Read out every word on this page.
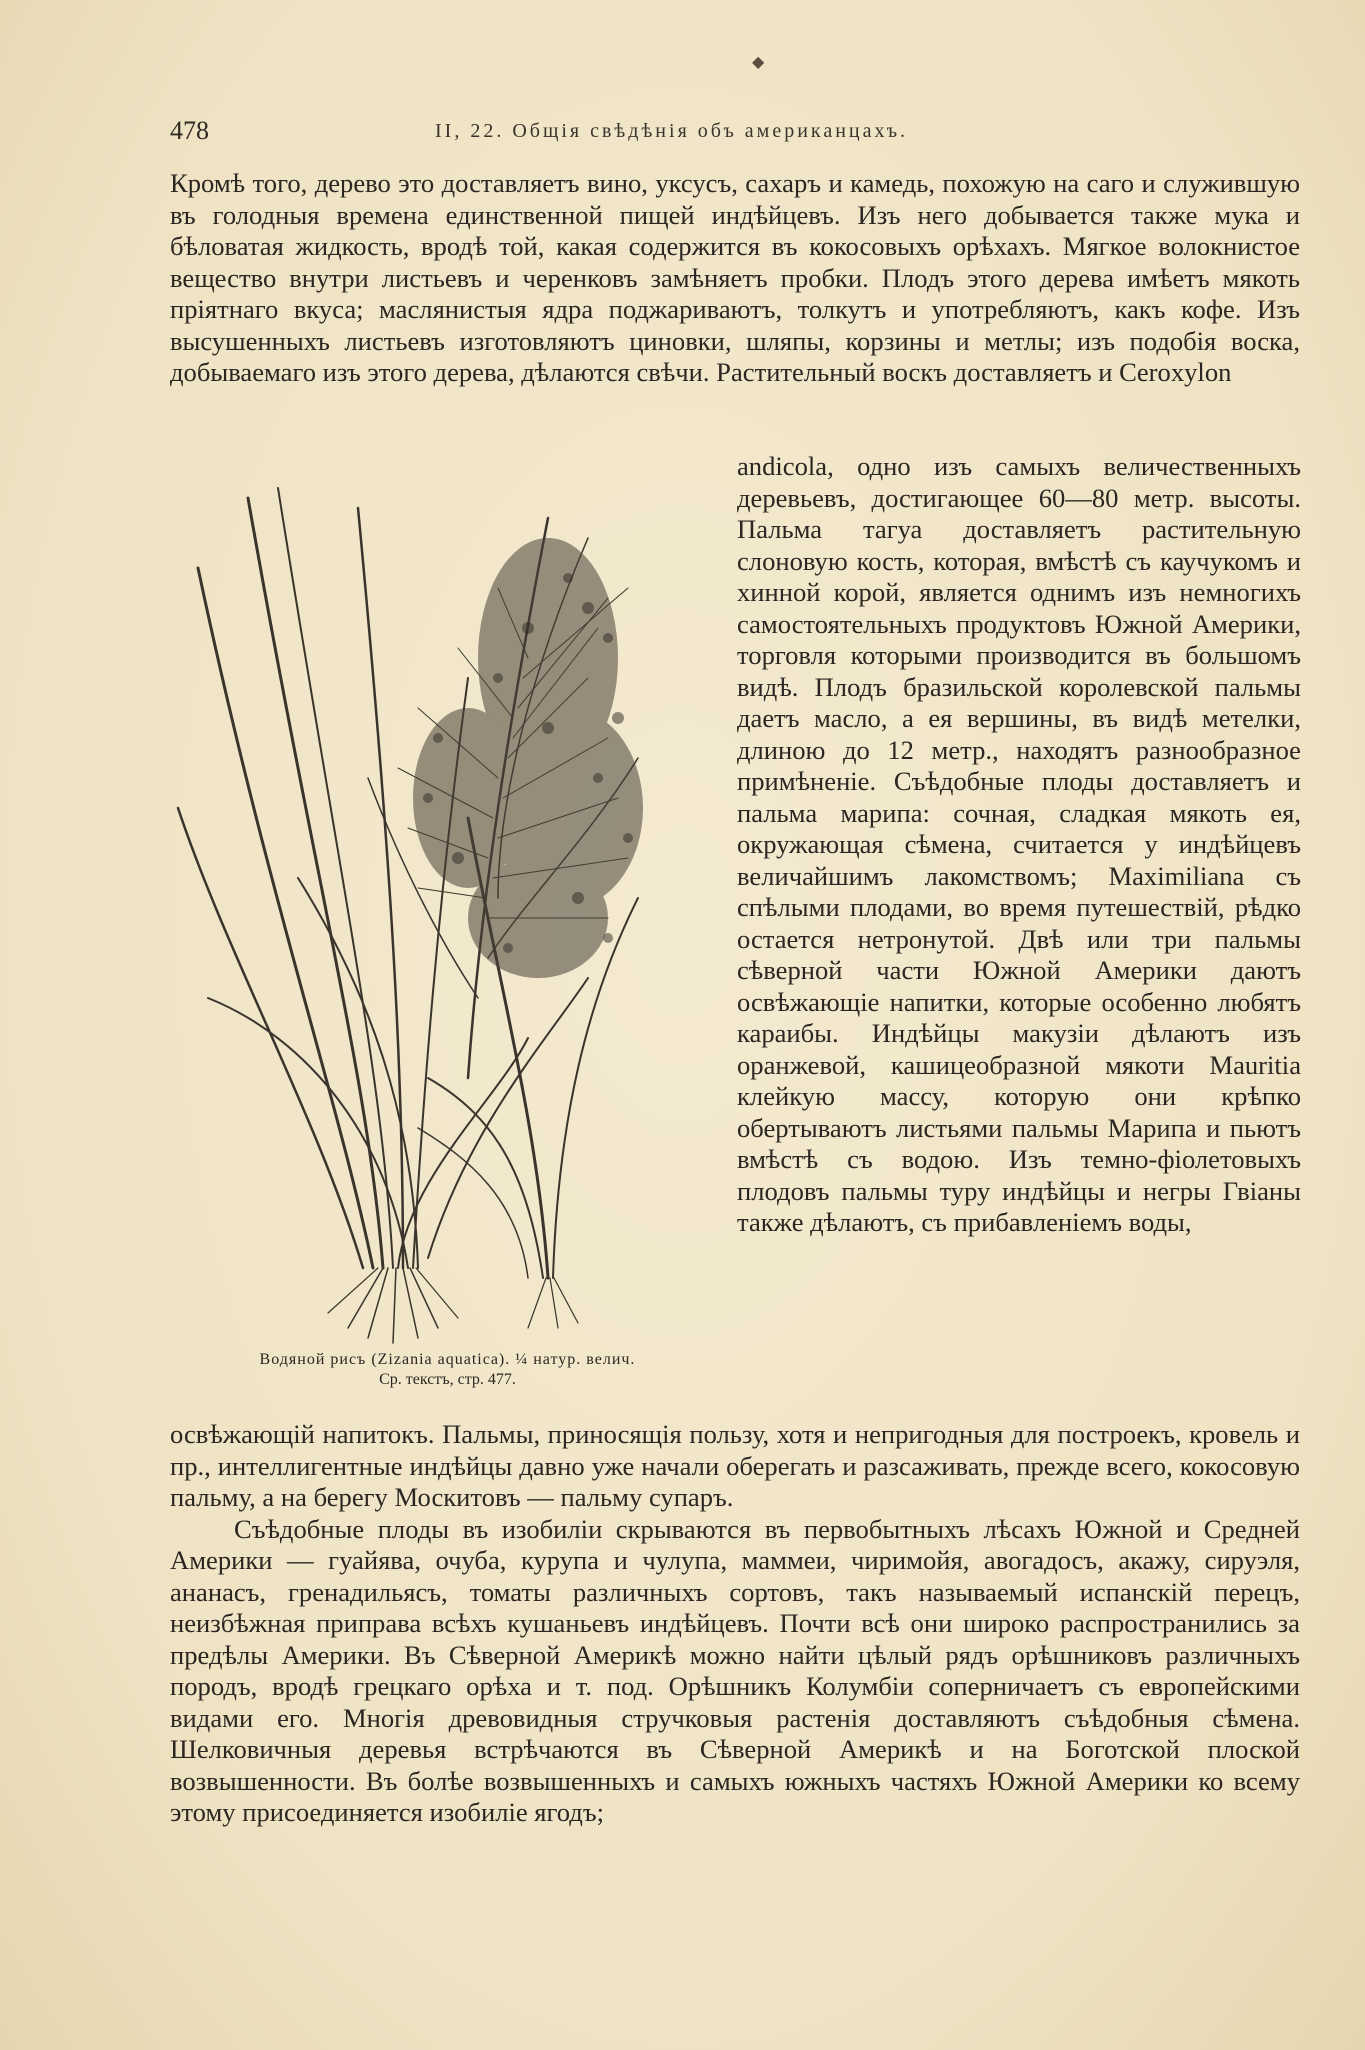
◆
478	II, 22. Общія свѣдѣнія объ американцахъ.
Кромѣ того, дерево это доставляетъ вино, уксусъ, сахаръ и камедь, похожую на саго и служившую въ голодныя времена единственной пищей индѣйцевъ. Изъ него добывается также мука и бѣловатая жидкость, вродѣ той, какая содержится въ кокосовыхъ орѣхахъ. Мягкое волокнистое вещество внутри листьевъ и черенковъ замѣняетъ пробки. Плодъ этого дерева имѣетъ мякоть пріятнаго вкуса; маслянистыя ядра поджариваютъ, толкутъ и употребляютъ, какъ кофе. Изъ высушенныхъ листьевъ изготовляютъ циновки, шляпы, корзины и метлы; изъ подобія воска, добываемаго изъ этого дерева, дѣлаются свѣчи. Растительный воскъ доставляетъ и Ceroxylon
Водяной рисъ (Zizania aquatica). ¼ натур. велич.
Ср. текстъ, стр. 477.
andicola, одно изъ самыхъ величественныхъ деревьевъ, достигающее 60—80 метр. высоты. Пальма тагуа доставляетъ растительную слоновую кость, которая, вмѣстѣ съ каучукомъ и хинной корой, является однимъ изъ немногихъ самостоятельныхъ продуктовъ Южной Америки, торговля которыми производится въ большомъ видѣ. Плодъ бразильской королевской пальмы даетъ масло, а ея вершины, въ видѣ метелки, длиною до 12 метр., находятъ разнообразное примѣненіе. Съѣдобные плоды доставляетъ и пальма марипа: сочная, сладкая мякоть ея, окружающая сѣмена, считается у индѣйцевъ величайшимъ лакомствомъ; Maximiliana съ спѣлыми плодами, во время путешествій, рѣдко остается нетронутой. Двѣ или три пальмы сѣверной части Южной Америки даютъ освѣжающіе напитки, которые особенно любятъ караибы. Индѣйцы макузіи дѣлаютъ изъ оранжевой, кашицеобразной мякоти Mauritia клейкую массу, которую они крѣпко обертываютъ листьями пальмы Марипа и пьютъ вмѣстѣ съ водою. Изъ темно-фіолетовыхъ плодовъ пальмы туру индѣйцы и негры Гвіаны также дѣлаютъ, съ прибавленіемъ воды,

освѣжающій напитокъ. Пальмы, приносящія пользу, хотя и непригодныя для построекъ, кровель и пр., интеллигентные индѣйцы давно уже начали оберегать и разсаживать, прежде всего, кокосовую пальму, а на берегу Москитовъ — пальму супаръ.

Съѣдобные плоды въ изобиліи скрываются въ первобытныхъ лѣсахъ Южной и Средней Америки — гуайява, очуба, курупа и чулупа, маммеи, чиримойя, авогадосъ, акажу, сируэля, ананасъ, гренадильясъ, томаты различныхъ сортовъ, такъ называемый испанскій перецъ, неизбѣжная приправа всѣхъ кушаньевъ индѣйцевъ. Почти всѣ они широко распространились за предѣлы Америки. Въ Сѣверной Америкѣ можно найти цѣлый рядъ орѣшниковъ различныхъ породъ, вродѣ грецкаго орѣха и т. под. Орѣшникъ Колумбіи соперничаетъ съ европейскими видами его. Многія древовидныя стручковыя растенія доставляютъ съѣдобныя сѣмена. Шелковичныя деревья встрѣчаются въ Сѣверной Америкѣ и на Боготской плоской возвышенности. Въ болѣе возвышенныхъ и самыхъ южныхъ частяхъ Южной Америки ко всему этому присоединяется изобиліе ягодъ;
